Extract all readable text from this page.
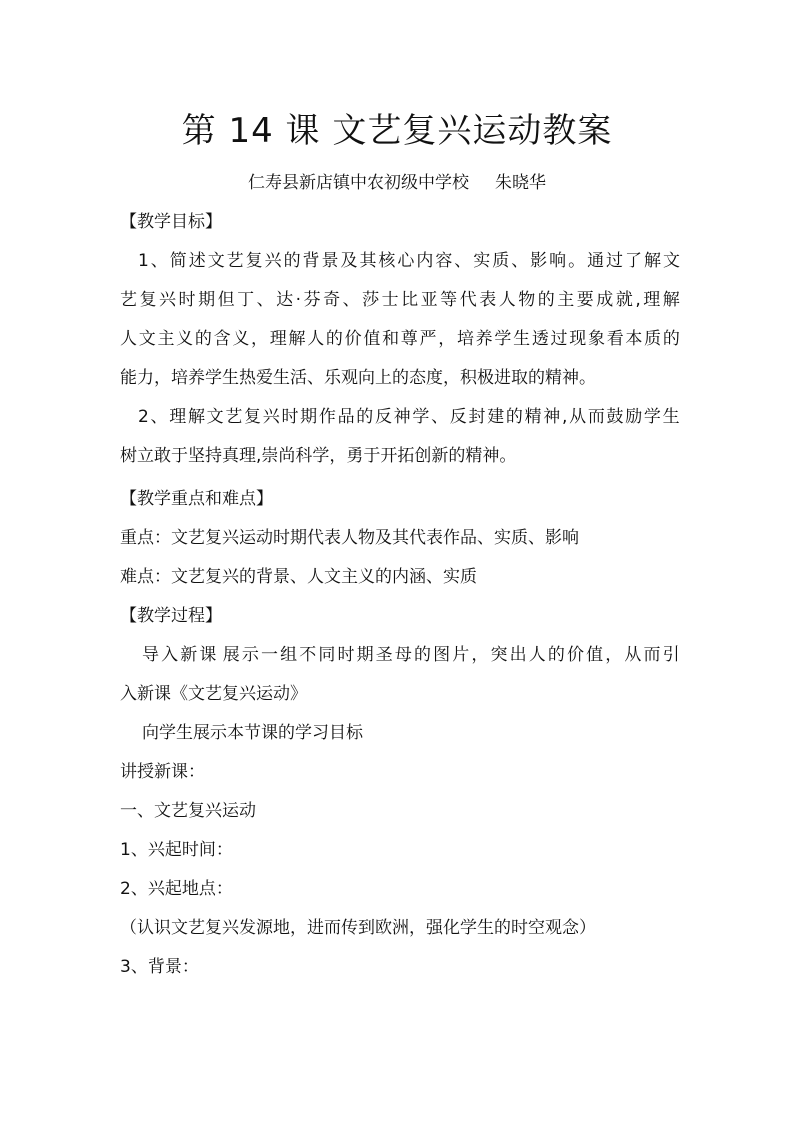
第 14 课 文艺复兴运动教案
仁寿县新店镇中农初级中学校 朱晓华
【教学目标】
1 、 简 述 文 艺 复 兴 的 背 景 及 其 核 心 内 容 、 实 质 、 影 响 。 通 过 了 解 文
艺 复 兴 时 期 但 丁 、 达 · 芬 奇 、 莎 士 比 亚 等 代 表 人 物 的 主 要 成 就 , 理 解
人 文 主 义 的 含 义 ， 理 解 人 的 价 值 和 尊 严 ， 培 养 学 生 透 过 现 象 看 本 质 的
能力，培养学生热爱生活、乐观向上的态度，积极进取的精神。
2 、 理 解 文 艺 复 兴 时 期 作 品 的 反 神 学 、 反 封 建 的 精 神 , 从 而 鼓 励 学 生
树立敢于坚持真理,崇尚科学，勇于开拓创新的精神。
【教学重点和难点】
重点：文艺复兴运动时期代表人物及其代表作品、实质、影响
难点：文艺复兴的背景、人文主义的内涵、实质
【教学过程】
导 入 新 课 展 示 一 组 不 同 时 期 圣 母 的 图 片 ， 突 出 人 的 价 值 ， 从 而 引
入新课《文艺复兴运动》
向学生展示本节课的学习目标
讲授新课：
一、文艺复兴运动
1、兴起时间：
2、兴起地点：
（认识文艺复兴发源地，进而传到欧洲，强化学生的时空观念）
3、背景：
